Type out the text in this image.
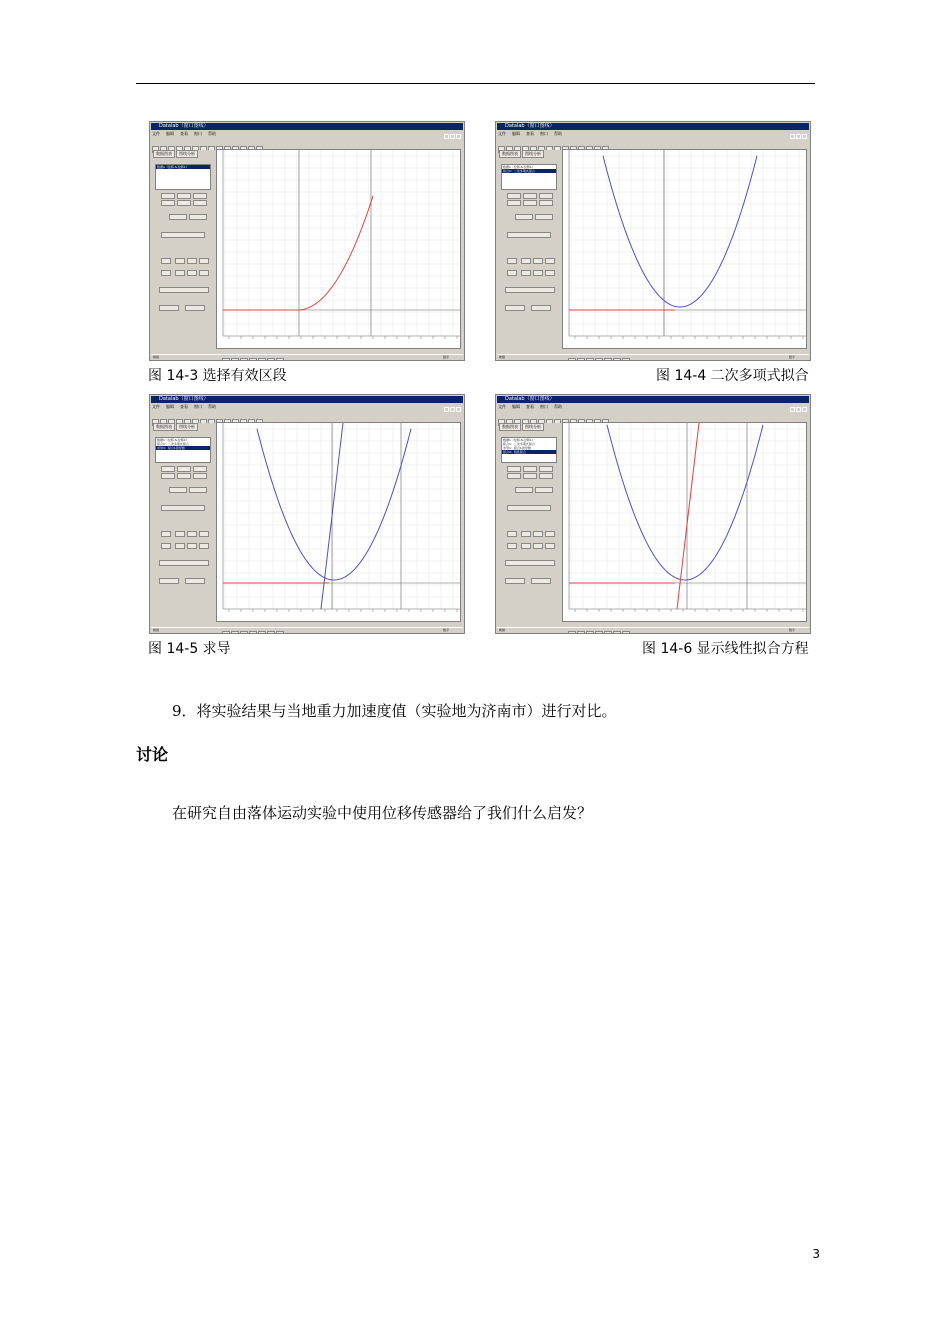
Datalab（窗口图线）
文件 编辑 查看 窗口 帮助
数据图表 图线分析
数据1（位移,S-位移1）
就绪	数字
Datalab（窗口图线）
文件 编辑 查看 窗口 帮助
数据图表 图线分析
数据1（位移,S-位移1）
拟合1：二次多项式拟合
就绪	数字
Datalab（窗口图线）
文件 编辑 查看 窗口 帮助
数据图表 图线分析
数据1（位移,S-位移1）
拟合1：二次多项式拟合
求导1：拟合1的导数
就绪	数字
Datalab（窗口图线）
文件 编辑 查看 窗口 帮助
数据图表 图线分析
数据1（位移,S-位移1）
拟合1：二次多项式拟合
求导1：拟合1的导数
拟合2：线性拟合
就绪	数字
图 14-3 选择有效区段	图 14-4 二次多项式拟合
图 14-5 求导	图 14-6 显示线性拟合方程
9．将实验结果与当地重力加速度值（实验地为济南市）进行对比。
讨论
在研究自由落体运动实验中使用位移传感器给了我们什么启发？
3
